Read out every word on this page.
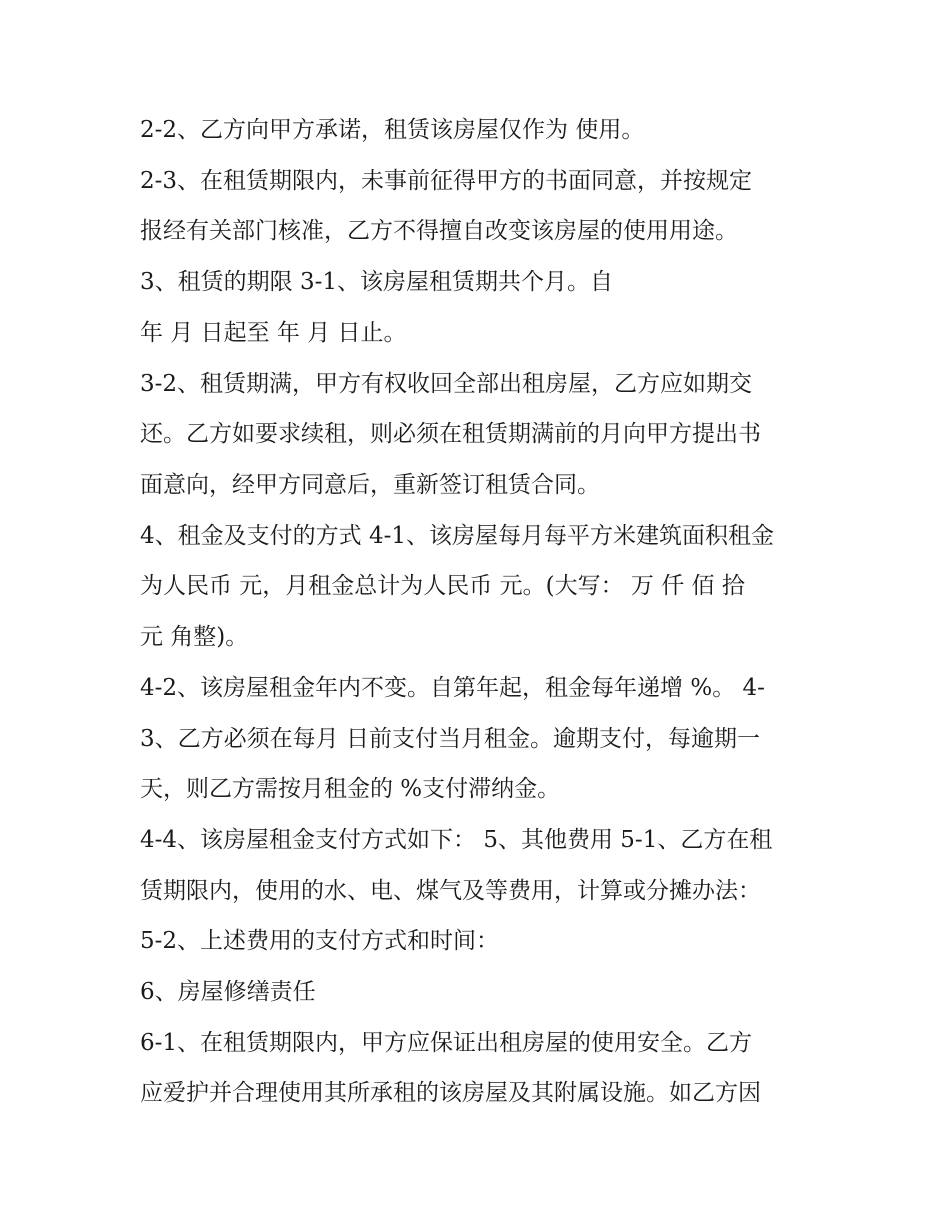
2-2、乙方向甲方承诺，租赁该房屋仅作为 使用。
2-3、在租赁期限内，未事前征得甲方的书面同意，并按规定
报经有关部门核准，乙方不得擅自改变该房屋的使用用途。
3、租赁的期限 3-1、该房屋租赁期共个月。自
年 月 日起至 年 月 日止。
3-2、租赁期满，甲方有权收回全部出租房屋，乙方应如期交
还。乙方如要求续租，则必须在租赁期满前的月向甲方提出书
面意向，经甲方同意后，重新签订租赁合同。
4、租金及支付的方式 4-1、该房屋每月每平方米建筑面积租金
为人民币 元，月租金总计为人民币 元。(大写： 万 仟 佰 拾
元 角整)。
4-2、该房屋租金年内不变。自第年起，租金每年递增 %。 4-
3、乙方必须在每月 日前支付当月租金。逾期支付，每逾期一
天，则乙方需按月租金的 %支付滞纳金。
4-4、该房屋租金支付方式如下： 5、其他费用 5-1、乙方在租
赁期限内，使用的水、电、煤气及等费用，计算或分摊办法：
5-2、上述费用的支付方式和时间：
6、房屋修缮责任
6-1、在租赁期限内，甲方应保证出租房屋的使用安全。乙方
应爱护并合理使用其所承租的该房屋及其附属设施。如乙方因
